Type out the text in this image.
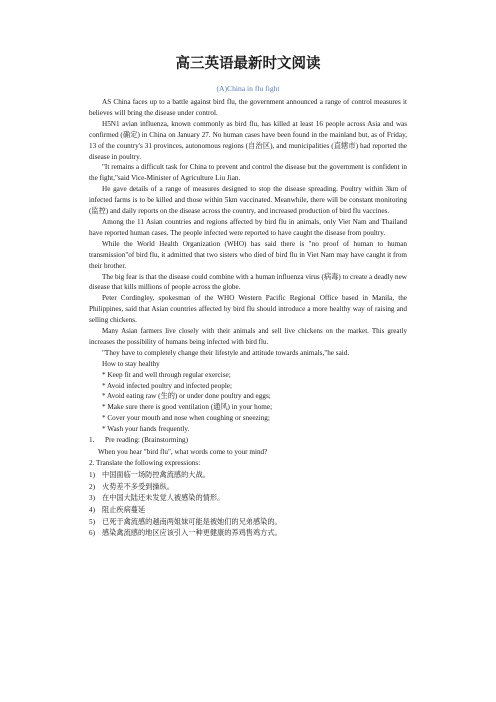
高三英语最新时文阅读
(A)China in flu fight

AS China faces up to a battle against bird flu, the government announced a range of control measures it believes will bring the disease under control.

H5N1 avian influenza, known commonly as bird flu, has killed at least 16 people across Asia and was confirmed (确定) in China on January 27. No human cases have been found in the mainland but, as of Friday, 13 of the country's 31 provinces, autonomous regions (自治区), and municipalities (直辖市) had reported the disease in poultry.

"It remains a difficult task for China to prevent and control the disease but the government is confident in the fight,"said Vice-Minister of Agriculture Liu Jian.

He gave details of a range of measures designed to stop the disease spreading. Poultry within 3km of infected farms is to be killed and those within 5km vaccinated. Meanwhile, there will be constant monitoring (监控) and daily reports on the disease across the country, and increased production of bird flu vaccines.

Among the 11 Asian countries and regions affected by bird flu in animals, only Viet Nam and Thailand have reported human cases. The people infected were reported to have caught the disease from poultry.

While the World Health Organization (WHO) has said there is "no proof of human to human transmission"of bird flu, it admitted that two sisters who died of bird flu in Viet Nam may have caught it from their brother.

The big fear is that the disease could combine with a human influenza virus (病毒) to create a deadly new disease that kills millions of people across the globe.

Peter Cordingley, spokesman of the WHO Western Pacific Regional Office based in Manila, the Philippines, said that Asian countries affected by bird flu should introduce a more healthy way of raising and selling chickens.

Many Asian farmers live closely with their animals and sell live chickens on the market. This greatly increases the possibility of humans being infected with bird flu.

"They have to completely change their lifestyle and attitude towards animals,"he said.

How to stay healthy
* Keep fit and well through regular exercise;
* Avoid infected poultry and infected people;
* Avoid eating raw (生的) or under done poultry and eggs;
* Make sure there is good ventilation (通风) in your home;
* Cover your mouth and nose when coughing or sneezing;
* Wash your hands frequently.
1. Pre reading: (Brainstorming)
When you hear "bird flu", what words come to your mind?
2. Translate the following expressions:
1) 中国面临一场防控禽流感的大战。
2) 火势差不多受到操纵。
3) 在中国大陆还未发觉人被感染的情形。
4) 阻止疾病蔓延
5) 已死于禽流感的越南两姐妹可能是被她们的兄弟感染的。
6) 感染禽流感的地区应该引入一种更健康的养鸡售鸡方式。
